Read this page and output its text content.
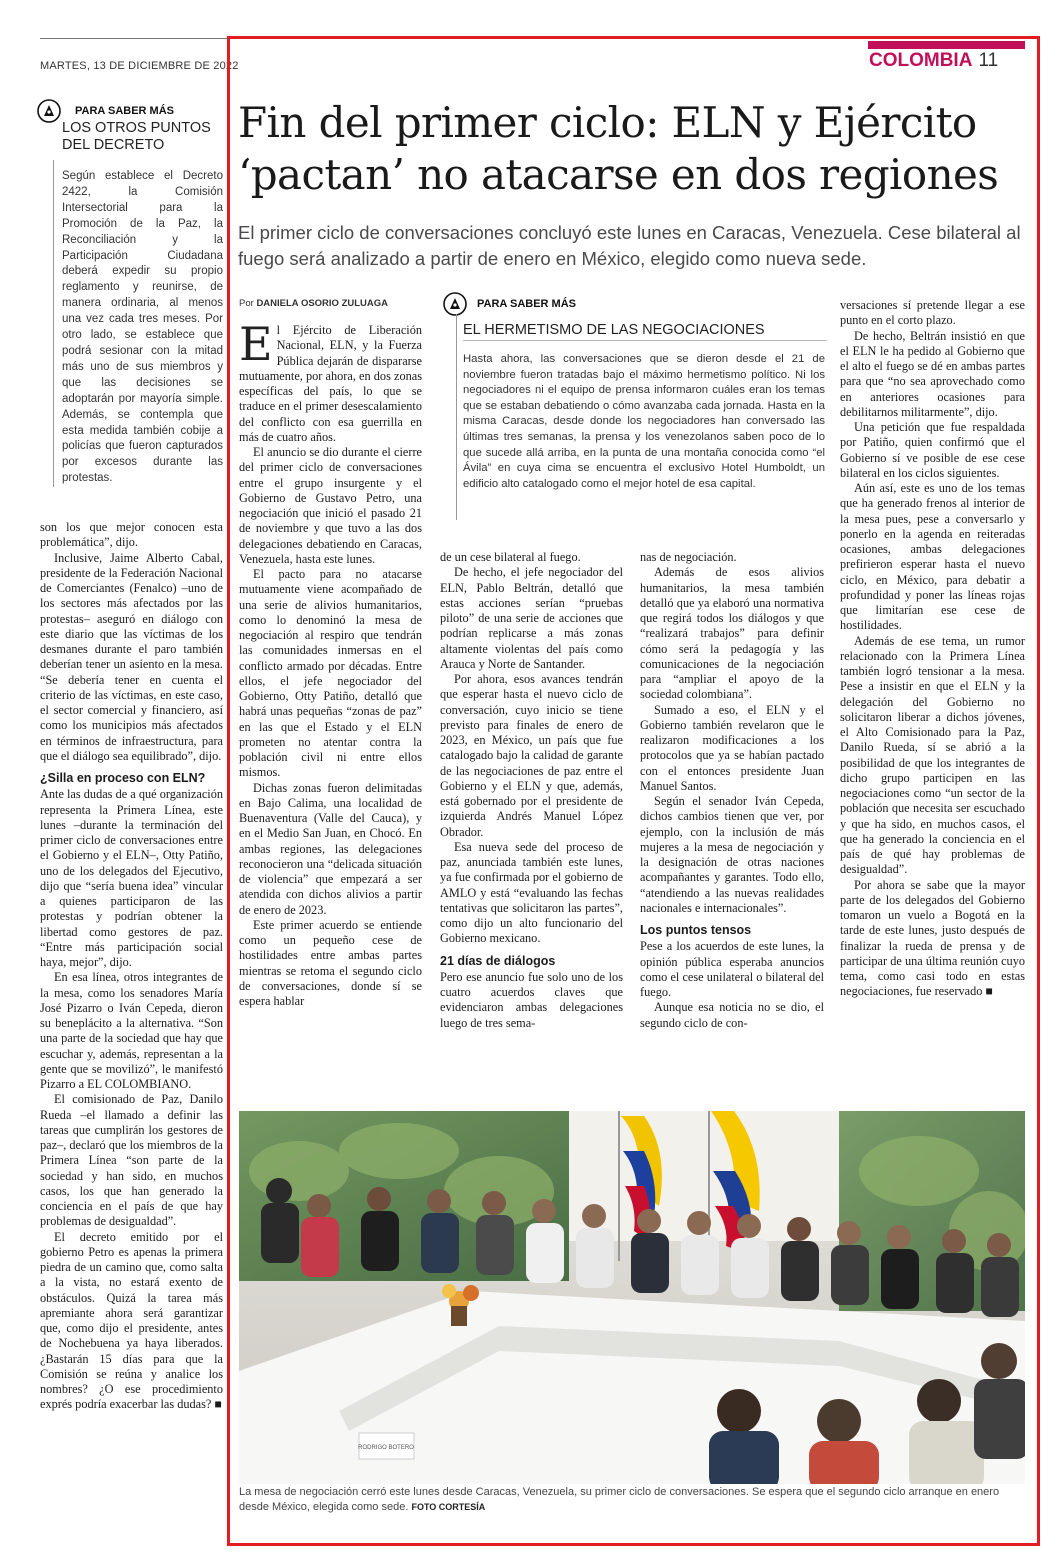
MARTES, 13 DE DICIEMBRE DE 2022	COLOMBIA 11
PARA SABER MÁS
LOS OTROS PUNTOS DEL DECRETO
Según establece el Decreto 2422, la Comisión Intersectorial para la Promoción de la Paz, la Reconciliación y la Participación Ciudadana deberá expedir su propio reglamento y reunirse, de manera ordinaria, al menos una vez cada tres meses. Por otro lado, se establece que podrá sesionar con la mitad más uno de sus miembros y que las decisiones se adoptarán por mayoría simple. Además, se contempla que esta medida también cobije a policías que fueron capturados por excesos durante las protestas.

son los que mejor conocen esta problemática”, dijo.

Inclusive, Jaime Alberto Cabal, presidente de la Federación Nacional de Comerciantes (Fenalco) –uno de los sectores más afectados por las protestas– aseguró en diálogo con este diario que las víctimas de los desmanes durante el paro también deberían tener un asiento en la mesa. “Se debería tener en cuenta el criterio de las víctimas, en este caso, el sector comercial y financiero, así como los municipios más afectados en términos de infraestructura, para que el diálogo sea equilibrado”, dijo.

¿Silla en proceso con ELN?

Ante las dudas de a qué organización representa la Primera Línea, este lunes –durante la terminación del primer ciclo de conversaciones entre el Gobierno y el ELN–, Otty Patiño, uno de los delegados del Ejecutivo, dijo que “sería buena idea” vincular a quienes participaron de las protestas y podrían obtener la libertad como gestores de paz. “Entre más participación social haya, mejor”, dijo.

En esa línea, otros integrantes de la mesa, como los senadores María José Pizarro o Iván Cepeda, dieron su beneplácito a la alternativa. “Son una parte de la sociedad que hay que escuchar y, además, representan a la gente que se movilizó”, le manifestó Pizarro a EL COLOMBIANO.

El comisionado de Paz, Danilo Rueda –el llamado a definir las tareas que cumplirán los gestores de paz–, declaró que los miembros de la Primera Línea “son parte de la sociedad y han sido, en muchos casos, los que han generado la conciencia en el país de que hay problemas de desigualdad”.

El decreto emitido por el gobierno Petro es apenas la primera piedra de un camino que, como salta a la vista, no estará exento de obstáculos. Quizá la tarea más apremiante ahora será garantizar que, como dijo el presidente, antes de Nochebuena ya haya liberados. ¿Bastarán 15 días para que la Comisión se reúna y analice los nombres? ¿O ese procedimiento exprés podría exacerbar las dudas? ■

Fin del primer ciclo: ELN y Ejército
‘pactan’ no atacarse en dos regiones
El primer ciclo de conversaciones concluyó este lunes en Caracas, Venezuela. Cese bilateral al fuego será analizado a partir de enero en México, elegido como nueva sede.
Por DANIELA OSORIO ZULUAGA	PARA SABER MÁS
EL HERMETISMO DE LAS NEGOCIACIONES
Hasta ahora, las conversaciones que se dieron desde el 21 de noviembre fueron tratadas bajo el máximo hermetismo político. Ni los negociadores ni el equipo de prensa informaron cuáles eran los temas que se estaban debatiendo o cómo avanzaba cada jornada. Hasta en la misma Caracas, desde donde los negociadores han conversado las últimas tres semanas, la prensa y los venezolanos saben poco de lo que sucede allá arriba, en la punta de una montaña conocida como “el Ávila” en cuya cima se encuentra el exclusivo Hotel Humboldt, un edificio alto catalogado como el mejor hotel de esa capital.

El Ejército de Liberación Nacional, ELN, y la Fuerza Pública dejarán de dispararse mutuamente, por ahora, en dos zonas específicas del país, lo que se traduce en el primer desescalamiento del conflicto con esa guerrilla en más de cuatro años.

El anuncio se dio durante el cierre del primer ciclo de conversaciones entre el grupo insurgente y el Gobierno de Gustavo Petro, una negociación que inició el pasado 21 de noviembre y que tuvo a las dos delegaciones debatiendo en Caracas, Venezuela, hasta este lunes.

El pacto para no atacarse mutuamente viene acompañado de una serie de alivios humanitarios, como lo denominó la mesa de negociación al respiro que tendrán las comunidades inmersas en el conflicto armado por décadas. Entre ellos, el jefe negociador del Gobierno, Otty Patiño, detalló que habrá unas pequeñas “zonas de paz” en las que el Estado y el ELN prometen no atentar contra la población civil ni entre ellos mismos.

Dichas zonas fueron delimitadas en Bajo Calima, una localidad de Buenaventura (Valle del Cauca), y en el Medio San Juan, en Chocó. En ambas regiones, las delegaciones reconocieron una “delicada situación de violencia” que empezará a ser atendida con dichos alivios a partir de enero de 2023.

Este primer acuerdo se entiende como un pequeño cese de hostilidades entre ambas partes mientras se retoma el segundo ciclo de conversaciones, donde sí se espera hablar

de un cese bilateral al fuego.

De hecho, el jefe negociador del ELN, Pablo Beltrán, detalló que estas acciones serían “pruebas piloto” de una serie de acciones que podrían replicarse a más zonas altamente violentas del país como Arauca y Norte de Santander.

Por ahora, esos avances tendrán que esperar hasta el nuevo ciclo de conversación, cuyo inicio se tiene previsto para finales de enero de 2023, en México, un país que fue catalogado bajo la calidad de garante de las negociaciones de paz entre el Gobierno y el ELN y que, además, está gobernado por el presidente de izquierda Andrés Manuel López Obrador.

Esa nueva sede del proceso de paz, anunciada también este lunes, ya fue confirmada por el gobierno de AMLO y está “evaluando las fechas tentativas que solicitaron las partes”, como dijo un alto funcionario del Gobierno mexicano.

21 días de diálogos

Pero ese anuncio fue solo uno de los cuatro acuerdos claves que evidenciaron ambas delegaciones luego de tres sema-

nas de negociación.

Además de esos alivios humanitarios, la mesa también detalló que ya elaboró una normativa que regirá todos los diálogos y que “realizará trabajos” para definir cómo será la pedagogía y las comunicaciones de la negociación para “ampliar el apoyo de la sociedad colombiana”.

Sumado a eso, el ELN y el Gobierno también revelaron que le realizaron modificaciones a los protocolos que ya se habían pactado con el entonces presidente Juan Manuel Santos.

Según el senador Iván Cepeda, dichos cambios tienen que ver, por ejemplo, con la inclusión de más mujeres a la mesa de negociación y la designación de otras naciones acompañantes y garantes. Todo ello, “atendiendo a las nuevas realidades nacionales e internacionales”.

Los puntos tensos

Pese a los acuerdos de este lunes, la opinión pública esperaba anuncios como el cese unilateral o bilateral del fuego.

Aunque esa noticia no se dio, el segundo ciclo de con-

versaciones sí pretende llegar a ese punto en el corto plazo.

De hecho, Beltrán insistió en que el ELN le ha pedido al Gobierno que el alto el fuego se dé en ambas partes para que “no sea aprovechado como en anteriores ocasiones para debilitarnos militarmente”, dijo.

Una petición que fue respaldada por Patiño, quien confirmó que el Gobierno sí ve posible de ese cese bilateral en los ciclos siguientes.

Aún así, este es uno de los temas que ha generado frenos al interior de la mesa pues, pese a conversarlo y ponerlo en la agenda en reiteradas ocasiones, ambas delegaciones prefirieron esperar hasta el nuevo ciclo, en México, para debatir a profundidad y poner las líneas rojas que limitarían ese cese de hostilidades.

Además de ese tema, un rumor relacionado con la Primera Línea también logró tensionar a la mesa. Pese a insistir en que el ELN y la delegación del Gobierno no solicitaron liberar a dichos jóvenes, el Alto Comisionado para la Paz, Danilo Rueda, sí se abrió a la posibilidad de que los integrantes de dicho grupo participen en las negociaciones como “un sector de la población que necesita ser escuchado y que ha sido, en muchos casos, el que ha generado la conciencia en el país de qué hay problemas de desigualdad”.

Por ahora se sabe que la mayor parte de los delegados del Gobierno tomaron un vuelo a Bogotá en la tarde de este lunes, justo después de finalizar la rueda de prensa y de participar de una última reunión cuyo tema, como casi todo en estas negociaciones, fue reservado ■

RODRIGO BOTERO
La mesa de negociación cerró este lunes desde Caracas, Venezuela, su primer ciclo de conversaciones. Se espera que el segundo ciclo arranque en enero desde México, elegida como sede. FOTO CORTESÍA
